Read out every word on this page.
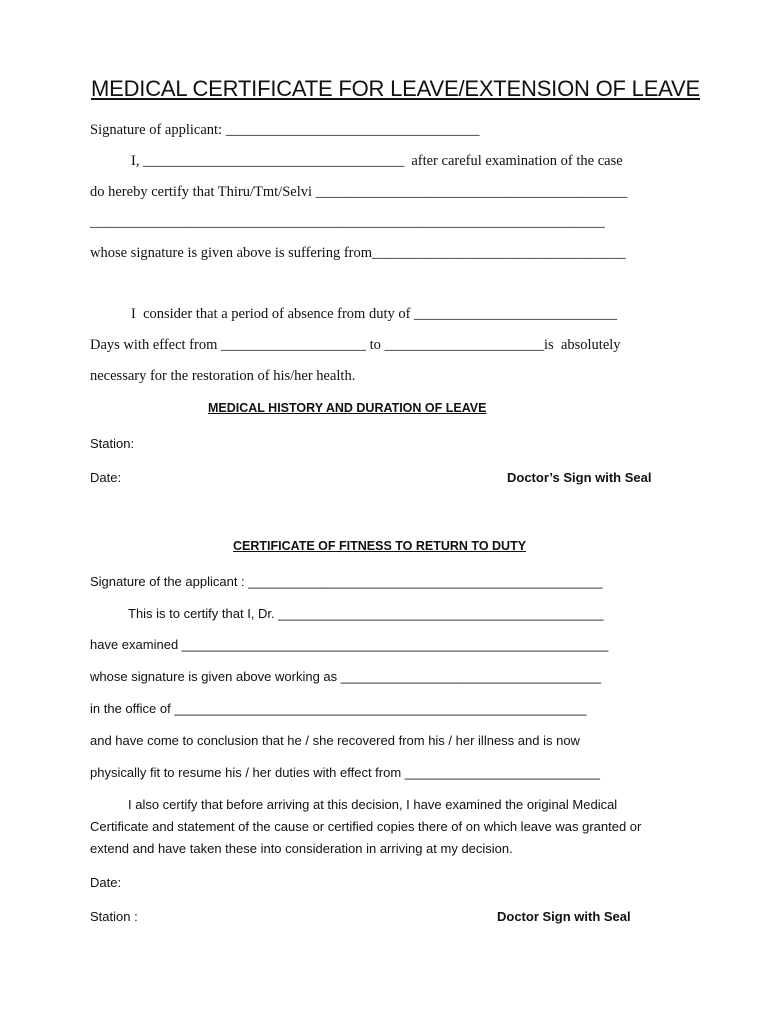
MEDICAL CERTIFICATE FOR LEAVE/EXTENSION OF LEAVE
Signature of applicant: ___________________________________
I, ____________________________________  after careful examination of the case
do hereby certify that Thiru/Tmt/Selvi ___________________________________________
_______________________________________________________________________
whose signature is given above is suffering from___________________________________
I  consider that a period of absence from duty of ____________________________
Days with effect from ____________________ to ______________________is  absolutely
necessary for the restoration of his/her health.
MEDICAL HISTORY AND DURATION OF LEAVE
Station:
Date:	Doctor’s Sign with Seal
CERTIFICATE OF FITNESS TO RETURN TO DUTY
Signature of the applicant : _________________________________________________
This is to certify that I, Dr. _____________________________________________
have examined ___________________________________________________________
whose signature is given above working as ____________________________________
in the office of _________________________________________________________
and have come to conclusion that he / she recovered from his / her illness and is now
physically fit to resume his / her duties with effect from ___________________________
I also certify that before arriving at this decision, I have examined the original Medical Certificate and statement of the cause or certified copies there of on which leave was granted or extend and have taken these into consideration in arriving at my decision.
Date:
Station :	Doctor Sign with Seal
